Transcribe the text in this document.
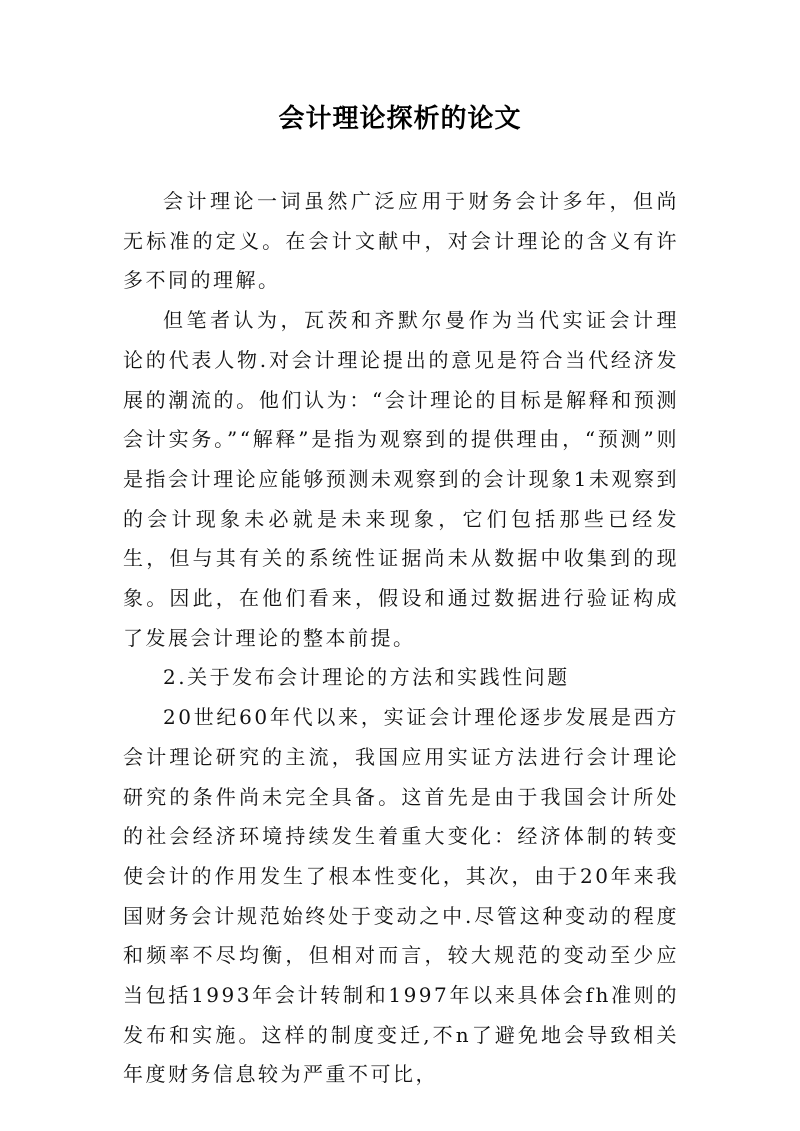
会计理论探析的论文

会计理论一词虽然广泛应用于财务会计多年，但尚无标准的定义。在会计文献中，对会计理论的含义有许多不同的理解。

但笔者认为，瓦茨和齐默尔曼作为当代实证会计理论的代表人物.对会计理论提出的意见是符合当代经济发展的潮流的。他们认为：“会计理论的目标是解释和预测会计实务。”“解释”是指为观察到的提供理由，“预测”则是指会计理论应能够预测未观察到的会计现象1未观察到的会计现象未必就是未来现象，它们包括那些已经发生，但与其有关的系统性证据尚未从数据中收集到的现象。因此，在他们看来，假设和通过数据进行验证构成了发展会计理论的整本前提。

2.关于发布会计理论的方法和实践性问题

20世纪60年代以来，实证会计理伦逐步发展是西方会计理论研究的主流，我国应用实证方法进行会计理论研究的条件尚未完全具备。这首先是由于我国会计所处的社会经济环境持续发生着重大变化：经济体制的转变使会计的作用发生了根本性变化，其次，由于20年来我国财务会计规范始终处于变动之中.尽管这种变动的程度和频率不尽均衡，但相对而言，较大规范的变动至少应当包括1993年会计转制和1997年以来具体会fh准则的发布和实施。这样的制度变迁,不n了避免地会导致相关年度财务信息较为严重不可比，
